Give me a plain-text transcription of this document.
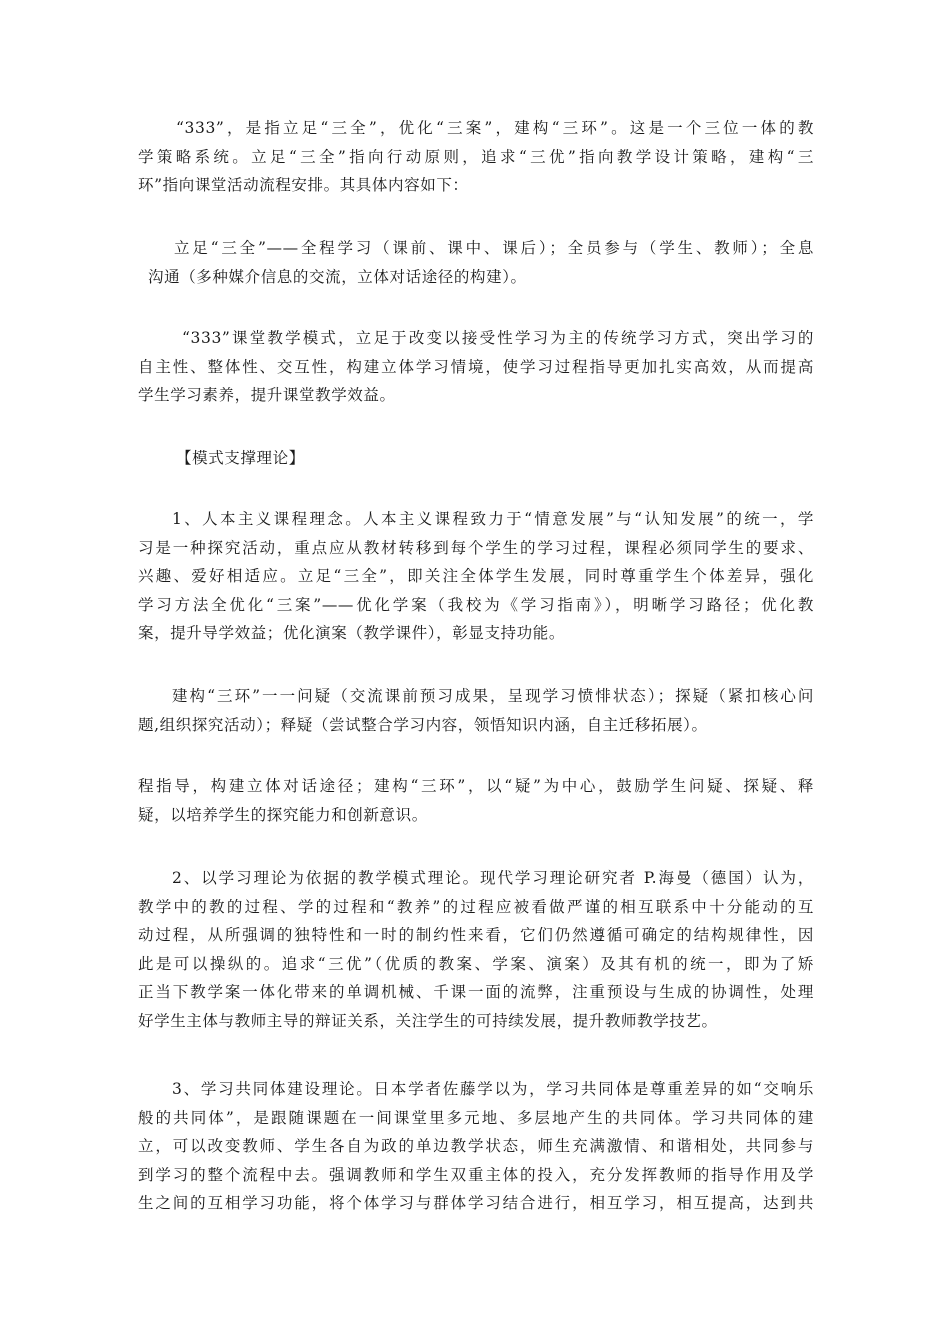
“333”，是指立足“三全”，优化“三案”，建构“三环”。这是一个三位一体的教
学策略系统。立足“三全”指向行动原则，追求“三优”指向教学设计策略，建构“三
环”指向课堂活动流程安排。其具体内容如下：
立足“三全”——全程学习（课前、课中、课后）；全员参与（学生、教师）；全息
沟通（多种媒介信息的交流，立体对话途径的构建）。
“333”课堂教学模式，立足于改变以接受性学习为主的传统学习方式，突出学习的
自主性、整体性、交互性，构建立体学习情境，使学习过程指导更加扎实高效，从而提高
学生学习素养，提升课堂教学效益。
【模式支撑理论】
1、人本主义课程理念。人本主义课程致力于“情意发展”与“认知发展”的统一，学
习是一种探究活动，重点应从教材转移到每个学生的学习过程，课程必须同学生的要求、
兴趣、爱好相适应。立足“三全”，即关注全体学生发展，同时尊重学生个体差异，强化
学习方法全优化“三案”——优化学案（我校为《学习指南》），明晰学习路径；优化教
案，提升导学效益；优化演案（教学课件），彰显支持功能。
建构“三环”一一问疑（交流课前预习成果，呈现学习愤悱状态）；探疑（紧扣核心问
题,组织探究活动）；释疑（尝试整合学习内容，领悟知识内涵，自主迁移拓展）。
程指导，构建立体对话途径；建构“三环”，以“疑”为中心，鼓励学生问疑、探疑、释
疑，以培养学生的探究能力和创新意识。
2、以学习理论为依据的教学模式理论。现代学习理论研究者 P.海曼（德国）认为，
教学中的教的过程、学的过程和“教养”的过程应被看做严谨的相互联系中十分能动的互
动过程，从所强调的独特性和一时的制约性来看，它们仍然遵循可确定的结构规律性，因
此是可以操纵的。追求“三优”（优质的教案、学案、演案）及其有机的统一，即为了矫
正当下教学案一体化带来的单调机械、千课一面的流弊，注重预设与生成的协调性，处理
好学生主体与教师主导的辩证关系，关注学生的可持续发展，提升教师教学技艺。
3、学习共同体建设理论。日本学者佐藤学以为，学习共同体是尊重差异的如“交响乐
般的共同体”，是跟随课题在一间课堂里多元地、多层地产生的共同体。学习共同体的建
立，可以改变教师、学生各自为政的单边教学状态，师生充满激情、和谐相处，共同参与
到学习的整个流程中去。强调教师和学生双重主体的投入，充分发挥教师的指导作用及学
生之间的互相学习功能，将个体学习与群体学习结合进行，相互学习，相互提高，达到共
